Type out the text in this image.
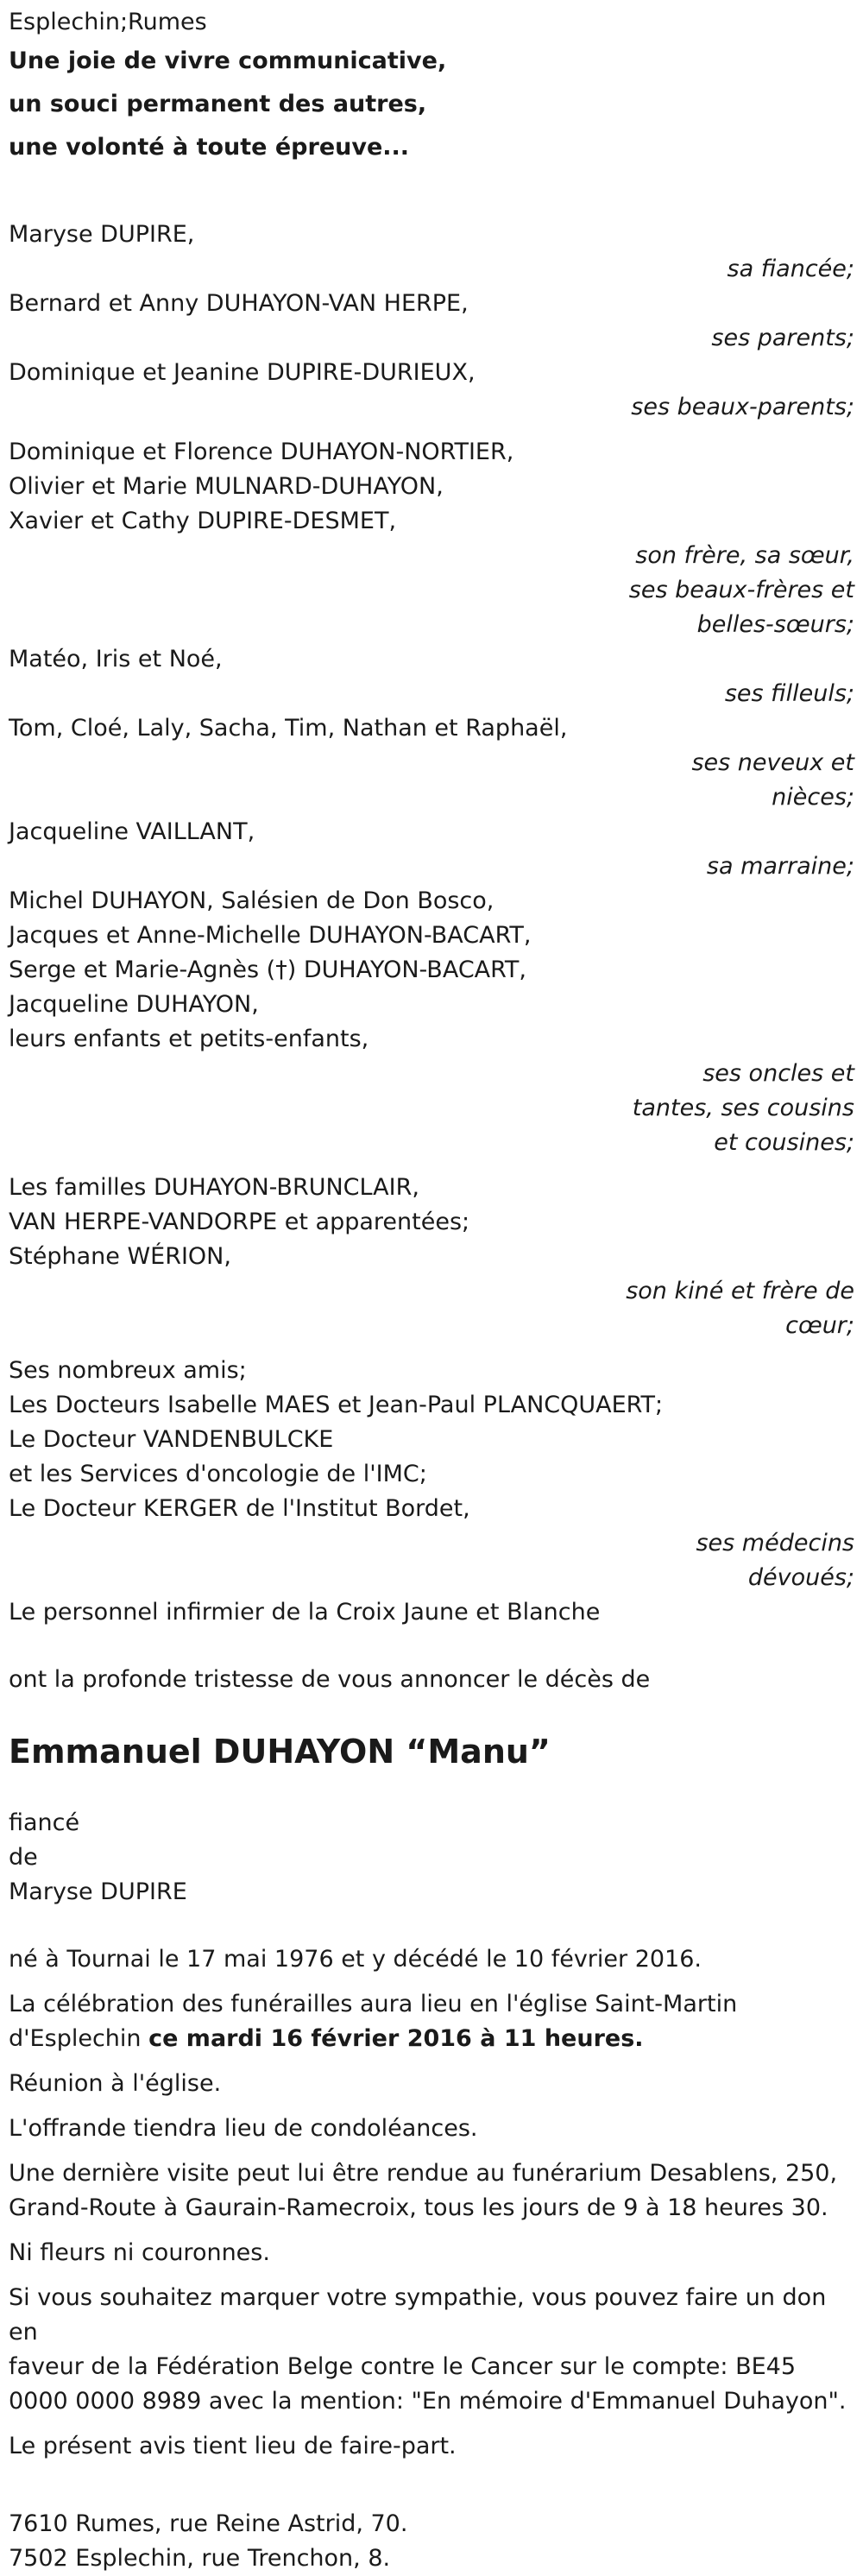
Esplechin;Rumes
Une joie de vivre communicative,
un souci permanent des autres,
une volonté à toute épreuve...
Maryse DUPIRE,
sa fiancée;
Bernard et Anny DUHAYON-VAN HERPE,
ses parents;
Dominique et Jeanine DUPIRE-DURIEUX,
ses beaux-parents;
Dominique et Florence DUHAYON-NORTIER,
Olivier et Marie MULNARD-DUHAYON,
Xavier et Cathy DUPIRE-DESMET,
son frère, sa sœur,
ses beaux-frères et
belles-sœurs;
Matéo, Iris et Noé,
ses filleuls;
Tom, Cloé, Laly, Sacha, Tim, Nathan et Raphaël,
ses neveux et
nièces;
Jacqueline VAILLANT,
sa marraine;
Michel DUHAYON, Salésien de Don Bosco,
Jacques et Anne-Michelle DUHAYON-BACART,
Serge et Marie-Agnès (†) DUHAYON-BACART,
Jacqueline DUHAYON,
leurs enfants et petits-enfants,
ses oncles et
tantes, ses cousins
et cousines;
Les familles DUHAYON-BRUNCLAIR,
VAN HERPE-VANDORPE et apparentées;
Stéphane WÉRION,
son kiné et frère de
cœur;
Ses nombreux amis;
Les Docteurs Isabelle MAES et Jean-Paul PLANCQUAERT;
Le Docteur VANDENBULCKE
et les Services d'oncologie de l'IMC;
Le Docteur KERGER de l'Institut Bordet,
ses médecins
dévoués;
Le personnel infirmier de la Croix Jaune et Blanche
ont la profonde tristesse de vous annoncer le décès de
Emmanuel DUHAYON “Manu”
fiancé
de
Maryse DUPIRE
né à Tournai le 17 mai 1976 et y décédé le 10 février 2016.
La célébration des funérailles aura lieu en l'église Saint-Martin
d'Esplechin ce mardi 16 février 2016 à 11 heures.
Réunion à l'église.
L'offrande tiendra lieu de condoléances.
Une dernière visite peut lui être rendue au funérarium Desablens, 250,
Grand-Route à Gaurain-Ramecroix, tous les jours de 9 à 18 heures 30.
Ni fleurs ni couronnes.
Si vous souhaitez marquer votre sympathie, vous pouvez faire un don en
faveur de la Fédération Belge contre le Cancer sur le compte: BE45
0000 0000 8989 avec la mention: "En mémoire d'Emmanuel Duhayon".
Le présent avis tient lieu de faire-part.
7610 Rumes, rue Reine Astrid, 70.
7502 Esplechin, rue Trenchon, 8.
